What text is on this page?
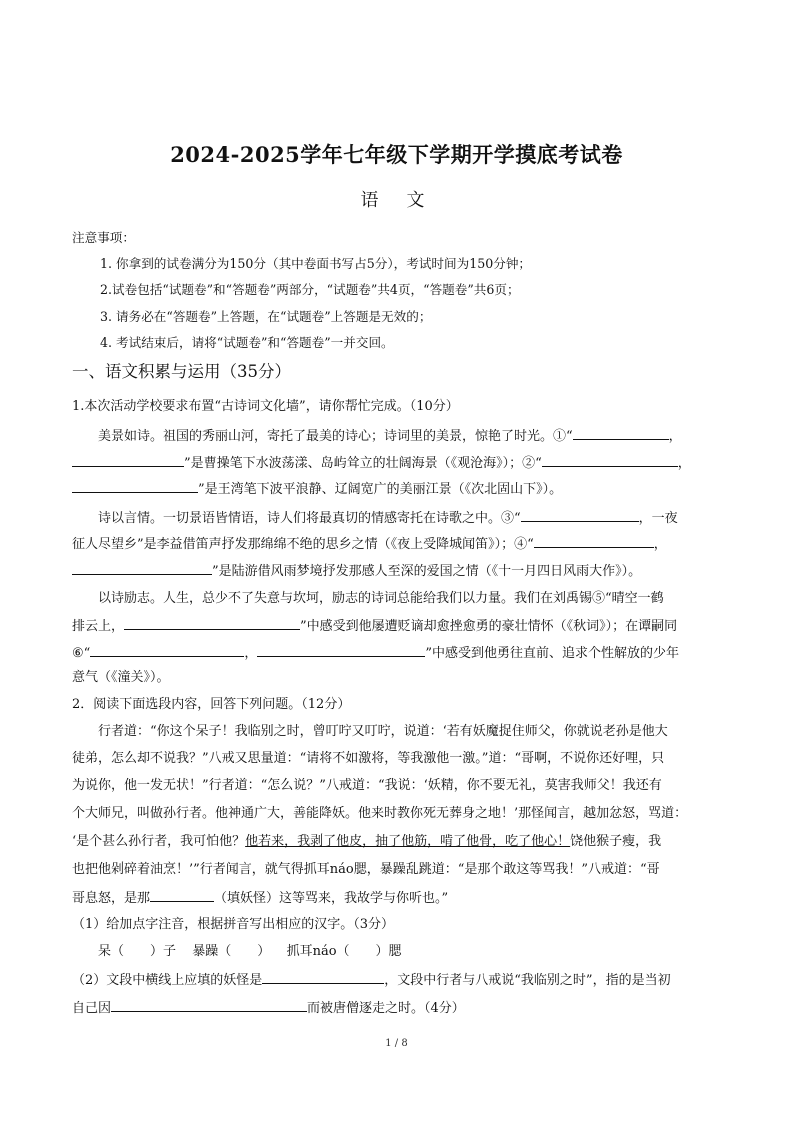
2024-2025学年七年级下学期开学摸底考试卷
语文
注意事项：
1. 你拿到的试卷满分为150分（其中卷面书写占5分），考试时间为150分钟；
2.试卷包括“试题卷”和“答题卷”两部分，“试题卷”共4页，“答题卷”共6页；
3. 请务必在“答题卷”上答题，在“试题卷”上答题是无效的；
4. 考试结束后，请将“试题卷”和“答题卷”一并交回。
一、语文积累与运用（35分）
1.本次活动学校要求布置“古诗词文化墙”，请你帮忙完成。（10分）
美景如诗。祖国的秀丽山河，寄托了最美的诗心；诗词里的美景，惊艳了时光。①“	，
”是曹操笔下水波荡漾、岛屿耸立的壮阔海景（《观沧海》）；②“	，
”是王湾笔下波平浪静、辽阔宽广的美丽江景（《次北固山下》）。
诗以言情。一切景语皆情语，诗人们将最真切的情感寄托在诗歌之中。③“	，一夜
征人尽望乡”是李益借笛声抒发那绵绵不绝的思乡之情（《夜上受降城闻笛》）；④“	，
”是陆游借风雨梦境抒发那感人至深的爱国之情（《十一月四日风雨大作》）。
以诗励志。人生，总少不了失意与坎坷，励志的诗词总能给我们以力量。我们在刘禹锡⑤“晴空一鹤
排云上，	”中感受到他屡遭贬谪却愈挫愈勇的豪壮情怀（《秋词》）；在谭嗣同
⑥“	，	”中感受到他勇往直前、追求个性解放的少年
意气（《潼关》）。
2．阅读下面选段内容，回答下列问题。（12分）
行者道：“你这个呆子！我临别之时，曾叮咛又叮咛，说道：‘若有妖魔捉住师父，你就说老孙是他大
徒弟，怎么却不说我？”八戒又思量道：“请将不如激将，等我激他一激。”道：“哥啊，不说你还好哩，只
为说你，他一发无状！”行者道：“怎么说？”八戒道：“我说：‘妖精，你不要无礼，莫害我师父！我还有
个大师兄，叫做孙行者。他神通广大，善能降妖。他来时教你死无葬身之地！’那怪闻言，越加忿怒，骂道：
‘是个甚么孙行者，我可怕他？他若来，我剥了他皮，抽了他筋，啃了他骨，吃了他心！饶他猴子瘦，我
也把他剁碎着油烹！’”行者闻言，就气得抓耳náo腮，暴躁乱跳道：“是那个敢这等骂我！”八戒道：“哥
哥息怒，是那	（填妖怪）这等骂来，我故学与你听也。”
（1）给加点字注音，根据拼音写出相应的汉字。（3分）
呆（　　）子 暴躁（　　） 抓耳náo（　　）腮
（2）文段中横线上应填的妖怪是	，文段中行者与八戒说“我临别之时”，指的是当初
自己因	而被唐僧逐走之时。（4分）
1 / 8
